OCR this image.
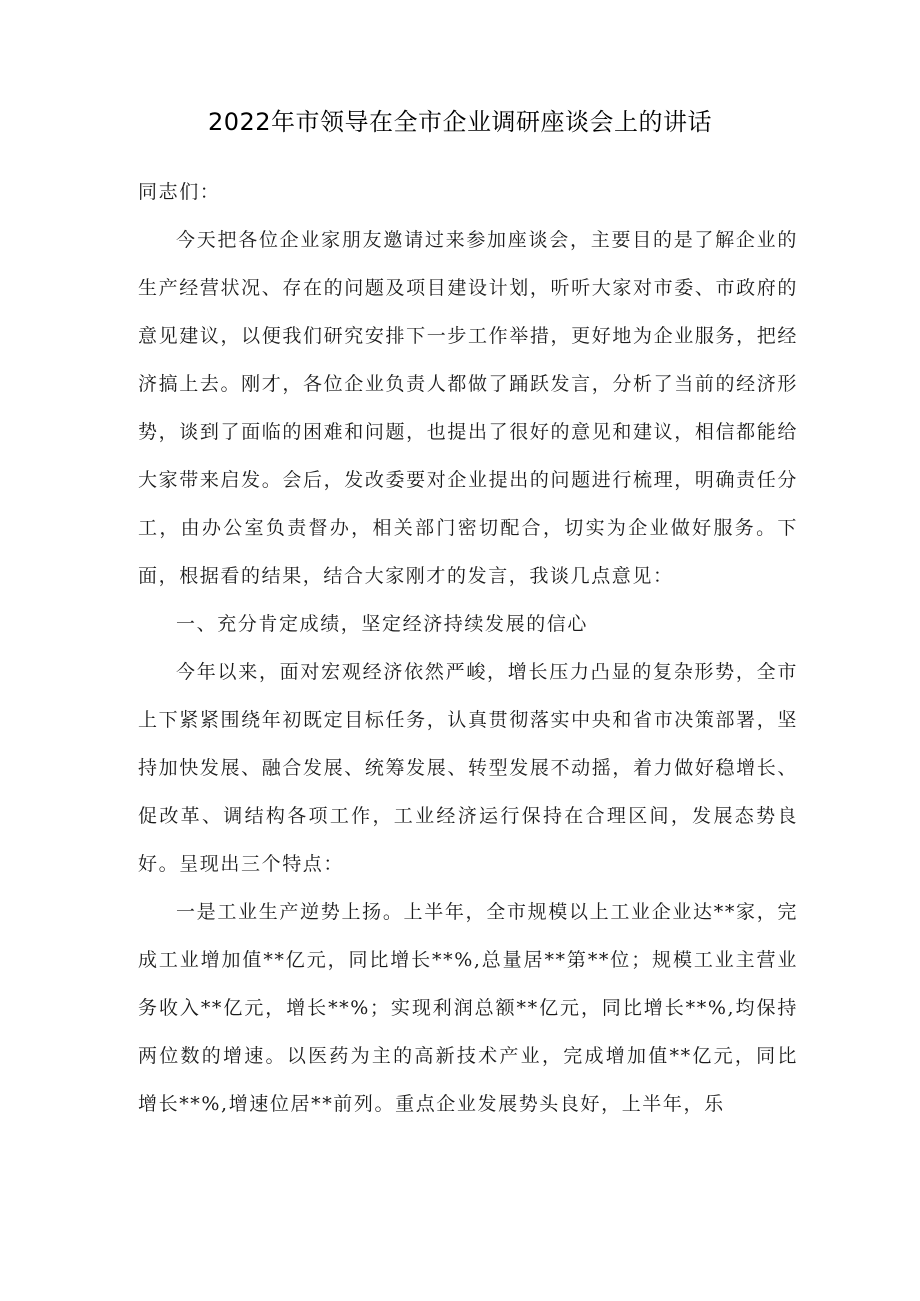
2022年市领导在全市企业调研座谈会上的讲话

同志们：

今天把各位企业家朋友邀请过来参加座谈会，主要目的是了解企业的生产经营状况、存在的问题及项目建设计划，听听大家对市委、市政府的意见建议，以便我们研究安排下一步工作举措，更好地为企业服务，把经济搞上去。刚才，各位企业负责人都做了踊跃发言，分析了当前的经济形势，谈到了面临的困难和问题，也提出了很好的意见和建议，相信都能给大家带来启发。会后，发改委要对企业提出的问题进行梳理，明确责任分工，由办公室负责督办，相关部门密切配合，切实为企业做好服务。下面，根据看的结果，结合大家刚才的发言，我谈几点意见：

一、充分肯定成绩，坚定经济持续发展的信心

今年以来，面对宏观经济依然严峻，增长压力凸显的复杂形势，全市上下紧紧围绕年初既定目标任务，认真贯彻落实中央和省市决策部署，坚持加快发展、融合发展、统筹发展、转型发展不动摇，着力做好稳增长、促改革、调结构各项工作，工业经济运行保持在合理区间，发展态势良好。呈现出三个特点：

一是工业生产逆势上扬。上半年，全市规模以上工业企业达**家，完成工业增加值**亿元，同比增长**%,总量居**第**位；规模工业主营业务收入**亿元，增长**%；实现利润总额**亿元，同比增长**%,均保持两位数的增速。以医药为主的高新技术产业，完成增加值**亿元，同比增长**%,增速位居**前列。重点企业发展势头良好，上半年，乐
